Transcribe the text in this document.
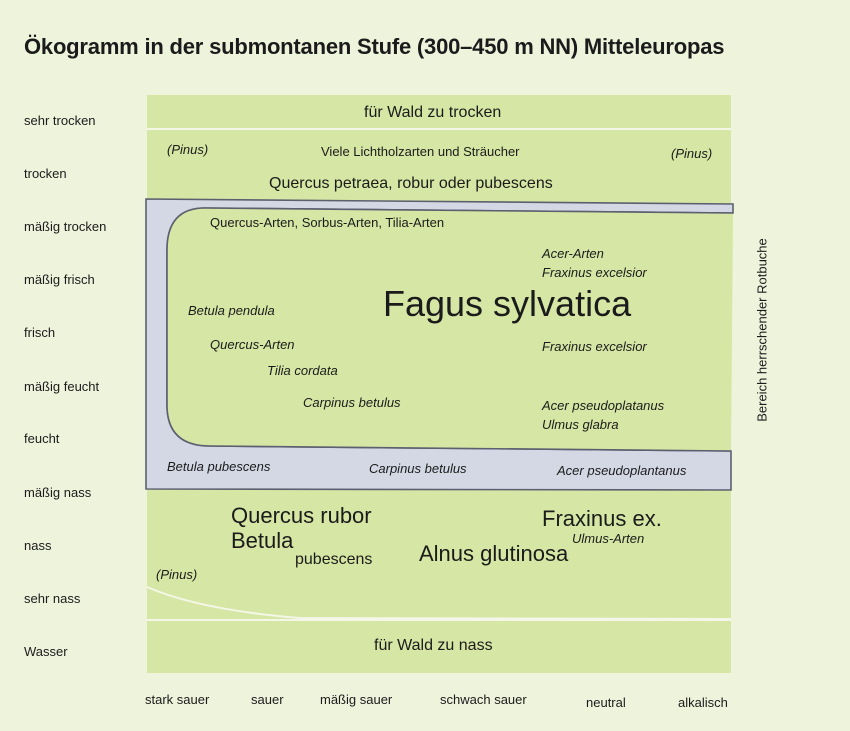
Ökogramm in der submontanen Stufe (300–450 m NN) Mitteleuropas
sehr trocken
trocken
mäßig trocken
mäßig frisch
frisch
mäßig feucht
feucht
mäßig nass
nass
sehr nass
Wasser
stark sauer	sauer	mäßig sauer	schwach sauer	neutral	alkalisch
Bereich herrschender Rotbuche
für Wald zu trocken
(Pinus)	Viele Lichtholzarten und Sträucher	(Pinus)
Quercus petraea, robur oder pubescens
Quercus-Arten, Sorbus-Arten, Tilia-Arten
Fagus sylvatica
Acer-Arten
Fraxinus excelsior
Betula pendula
Quercus-Arten	Fraxinus excelsior
Tilia cordata
Carpinus betulus	Acer pseudoplatanus
Ulmus glabra
Betula pubescens	Carpinus betulus	Acer pseudoplantanus
Quercus rubor
Betula
pubescens
Fraxinus ex.
Ulmus-Arten
Alnus glutinosa
(Pinus)
für Wald zu nass
